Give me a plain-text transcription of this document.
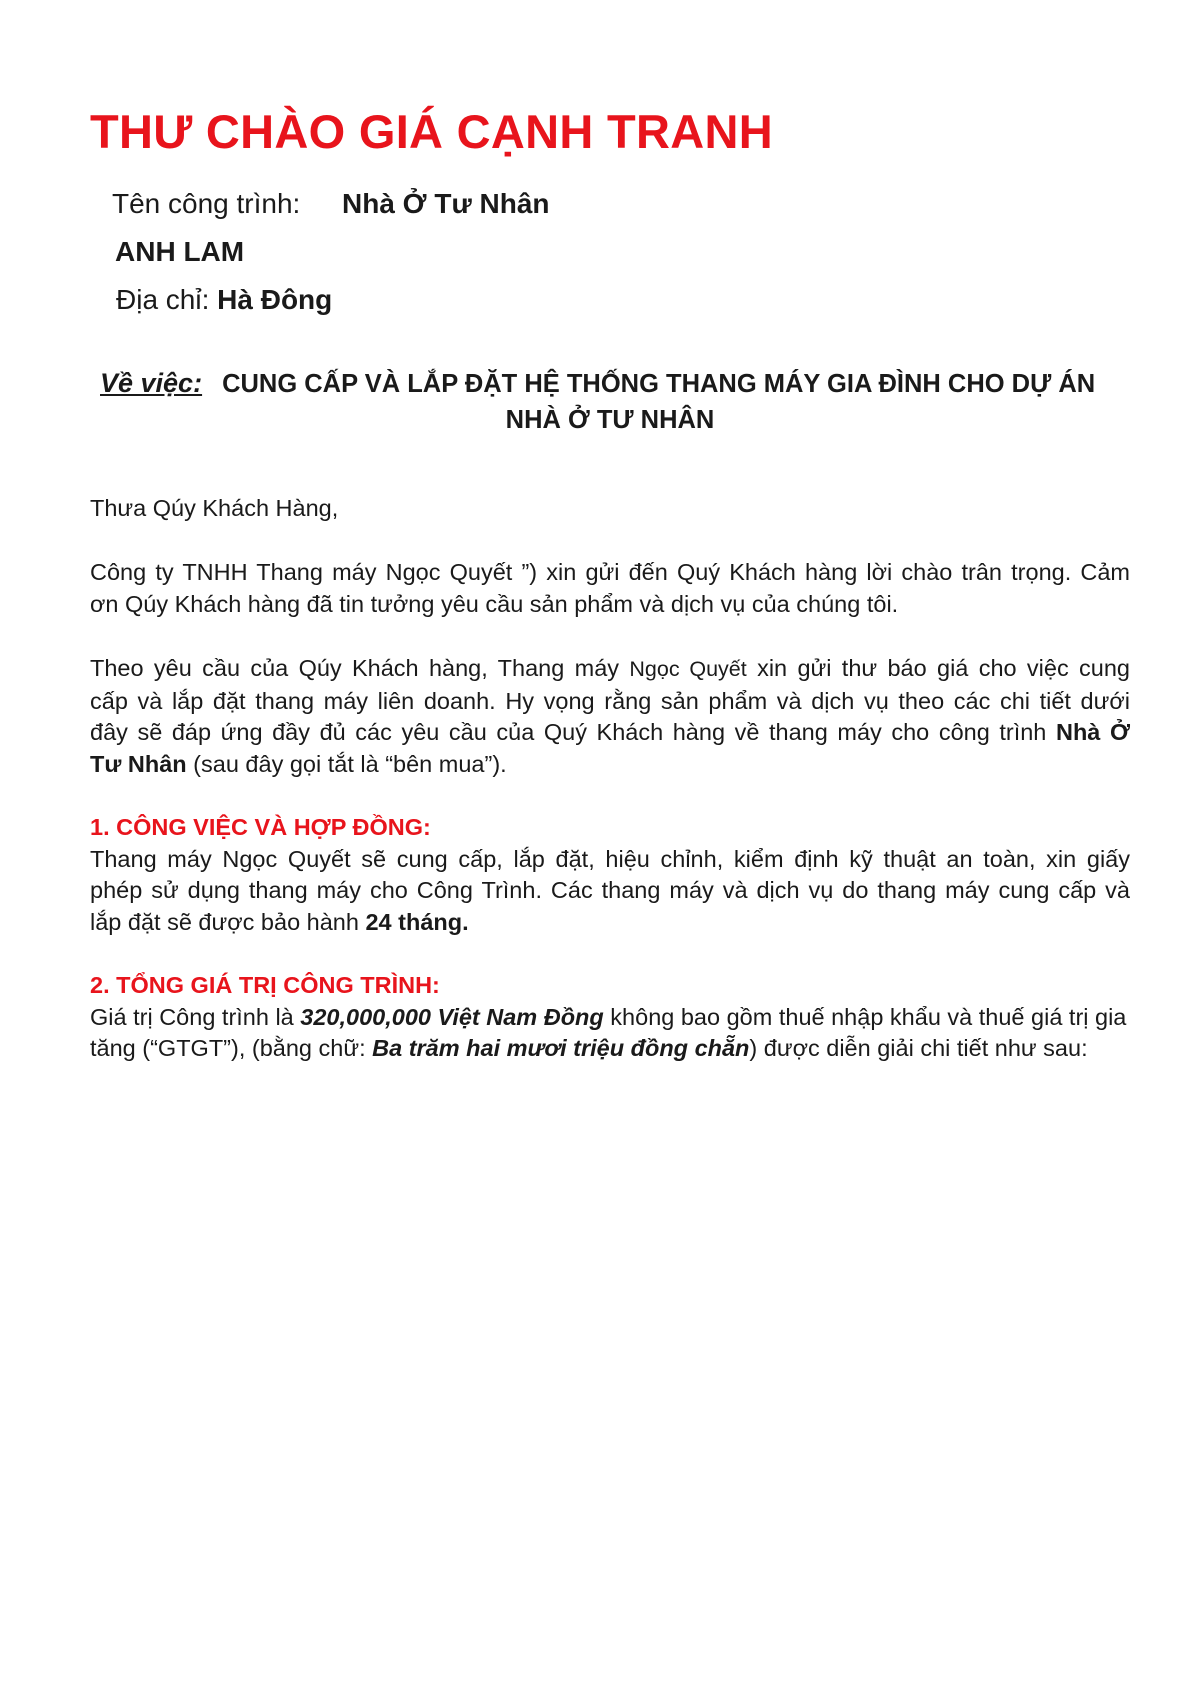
THƯ CHÀO GIÁ CẠNH TRANH
Tên công trình: Nhà Ở Tư Nhân
ANH LAM
Địa chỉ: Hà Đông
Về việc: CUNG CẤP VÀ LẮP ĐẶT HỆ THỐNG THANG MÁY GIA ĐÌNH CHO DỰ ÁN
NHÀ Ở TƯ NHÂN

Thưa Qúy Khách Hàng,

Công ty TNHH Thang máy Ngọc Quyết ”) xin gửi đến Quý Khách hàng lời chào trân trọng. Cảm
ơn Qúy Khách hàng đã tin tưởng yêu cầu sản phẩm và dịch vụ của chúng tôi.

Theo yêu cầu của Qúy Khách hàng, Thang máy Ngọc Quyết xin gửi thư báo giá cho việc cung
cấp và lắp đặt thang máy liên doanh. Hy vọng rằng sản phẩm và dịch vụ theo các chi tiết dưới
đây sẽ đáp ứng đầy đủ các yêu cầu của Quý Khách hàng về thang máy cho công trình Nhà Ở
Tư Nhân (sau đây gọi tắt là “bên mua”).

1. CÔNG VIỆC VÀ HỢP ĐỒNG:
Thang máy Ngọc Quyết sẽ cung cấp, lắp đặt, hiệu chỉnh, kiểm định kỹ thuật an toàn, xin giấy
phép sử dụng thang máy cho Công Trình. Các thang máy và dịch vụ do thang máy cung cấp và
lắp đặt sẽ được bảo hành 24 tháng.

2. TỔNG GIÁ TRỊ CÔNG TRÌNH:
Giá trị Công trình là 320,000,000 Việt Nam Đồng không bao gồm thuế nhập khẩu và thuế giá trị gia
tăng (“GTGT”), (bằng chữ: Ba trăm hai mươi triệu đồng chẵn) được diễn giải chi tiết như sau:
